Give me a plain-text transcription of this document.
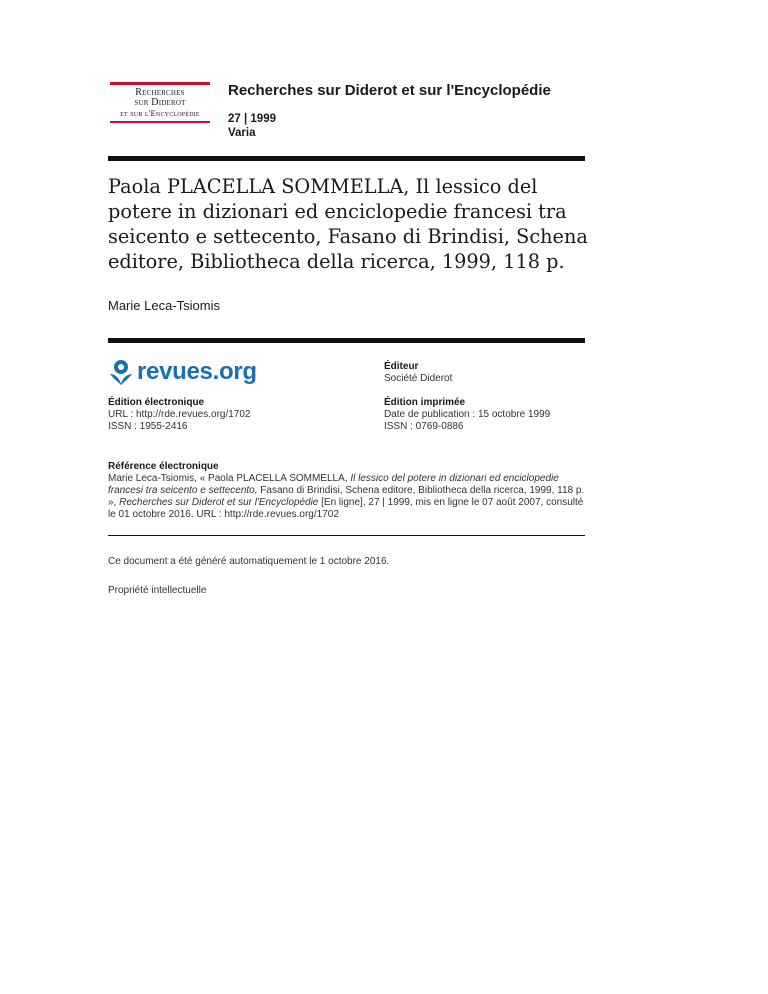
Recherches
sur Diderot
et sur l'Encyclopédie
Recherches sur Diderot et sur l'Encyclopédie
27 | 1999
Varia
Paola PLACELLA SOMMELLA, Il lessico del potere in dizionari ed enciclopedie francesi tra seicento e settecento, Fasano di Brindisi, Schena editore, Bibliotheca della ricerca, 1999, 118 p.
Marie Leca-Tsiomis
revues.org	Éditeur
Société Diderot
Édition électronique
URL : http://rde.revues.org/1702
ISSN : 1955-2416
Édition imprimée
Date de publication : 15 octobre 1999
ISSN : 0769-0886
Référence électronique
Marie Leca-Tsiomis, « Paola PLACELLA SOMMELLA, Il lessico del potere in dizionari ed enciclopedie francesi tra seicento e settecento, Fasano di Brindisi, Schena editore, Bibliotheca della ricerca, 1999, 118 p. », Recherches sur Diderot et sur l'Encyclopédie [En ligne], 27 | 1999, mis en ligne le 07 août 2007, consulté le 01 octobre 2016. URL : http://rde.revues.org/1702
Ce document a été généré automatiquement le 1 octobre 2016.
Propriété intellectuelle
